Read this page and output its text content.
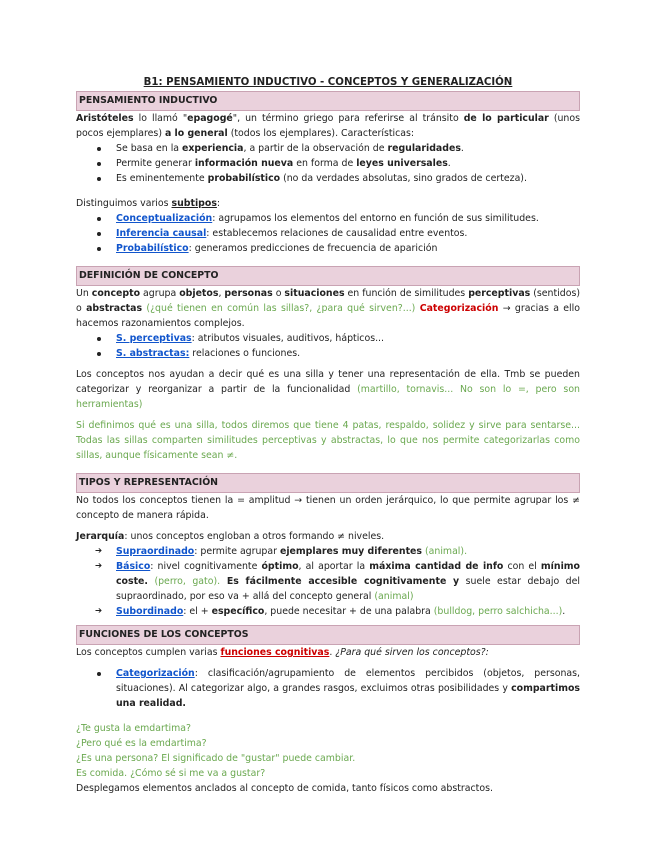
B1: PENSAMIENTO INDUCTIVO - CONCEPTOS Y GENERALIZACIÓN
PENSAMIENTO INDUCTIVO

Aristóteles lo llamó "epagogé", un término griego para referirse al tránsito de lo particular (unos pocos ejemplares) a lo general (todos los ejemplares). Características:

Se basa en la experiencia, a partir de la observación de regularidades.
Permite generar información nueva en forma de leyes universales.
Es eminentemente probabilístico (no da verdades absolutas, sino grados de certeza).

Distinguimos varios subtipos:

Conceptualización: agrupamos los elementos del entorno en función de sus similitudes.
Inferencia causal: establecemos relaciones de causalidad entre eventos.
Probabilístico: generamos predicciones de frecuencia de aparición
DEFINICIÓN DE CONCEPTO

Un concepto agrupa objetos, personas o situaciones en función de similitudes perceptivas (sentidos) o abstractas (¿qué tienen en común las sillas?, ¿para qué sirven?...) Categorización → gracias a ello hacemos razonamientos complejos.

S. perceptivas: atributos visuales, auditivos, hápticos...
S. abstractas: relaciones o funciones.

Los conceptos nos ayudan a decir qué es una silla y tener una representación de ella. Tmb se pueden categorizar y reorganizar a partir de la funcionalidad (martillo, tornavis... No son lo =, pero son herramientas)

Si definimos qué es una silla, todos diremos que tiene 4 patas, respaldo, solidez y sirve para sentarse... Todas las sillas comparten similitudes perceptivas y abstractas, lo que nos permite categorizarlas como sillas, aunque físicamente sean ≠.

TIPOS Y REPRESENTACIÓN

No todos los conceptos tienen la = amplitud → tienen un orden jerárquico, lo que permite agrupar los ≠ concepto de manera rápida.

Jerarquía: unos conceptos engloban a otros formando ≠ niveles.

➔ Supraordinado: permite agrupar ejemplares muy diferentes (animal).
➔ Básico: nivel cognitivamente óptimo, al aportar la máxima cantidad de info con el mínimo coste. (perro, gato). Es fácilmente accesible cognitivamente y suele estar debajo del supraordinado, por eso va + allá del concepto general (animal)
➔ Subordinado: el + específico, puede necesitar + de una palabra (bulldog, perro salchicha...).
FUNCIONES DE LOS CONCEPTOS

Los conceptos cumplen varias funciones cognitivas. ¿Para qué sirven los conceptos?:

Categorización: clasificación/agrupamiento de elementos percibidos (objetos, personas, situaciones). Al categorizar algo, a grandes rasgos, excluimos otras posibilidades y compartimos una realidad.

¿Te gusta la emdartima?

¿Pero qué es la emdartima?

¿Es una persona? El significado de "gustar" puede cambiar.

Es comida. ¿Cómo sé si me va a gustar?

Desplegamos elementos anclados al concepto de comida, tanto físicos como abstractos.
